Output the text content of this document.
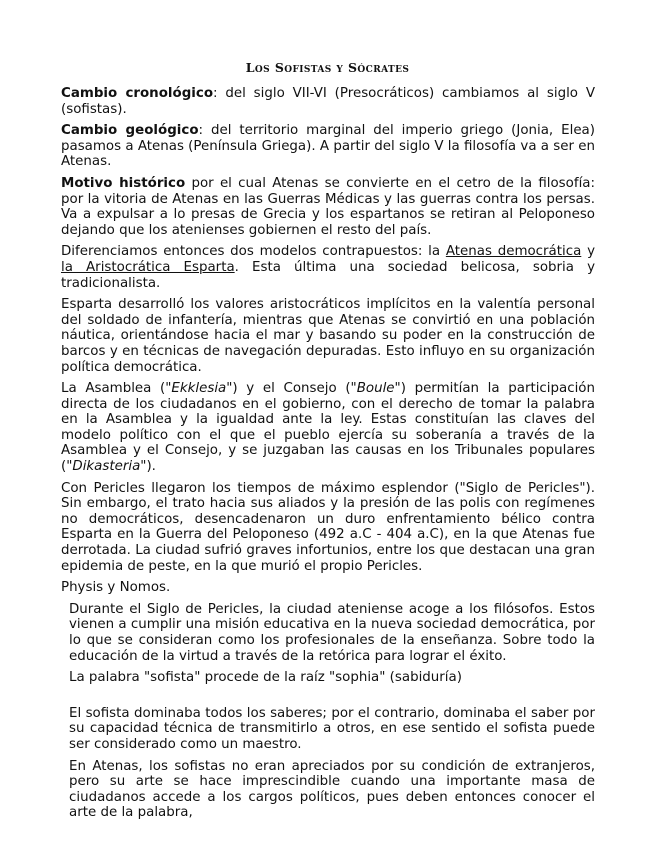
Los Sofistas y Sócrates

Cambio cronológico: del siglo VII-VI (Presocráticos) cambiamos al siglo V (sofistas).

Cambio geológico: del territorio marginal del imperio griego (Jonia, Elea) pasamos a Atenas (Península Griega). A partir del siglo V la filosofía va a ser en Atenas.

Motivo histórico por el cual Atenas se convierte en el cetro de la filosofía: por la vitoria de Atenas en las Guerras Médicas y las guerras contra los persas. Va a expulsar a lo presas de Grecia y los espartanos se retiran al Peloponeso dejando que los atenienses gobiernen el resto del país.

Diferenciamos entonces dos modelos contrapuestos: la Atenas democrática y la Aristocrática Esparta. Esta última una sociedad belicosa, sobria y tradicionalista.

Esparta desarrolló los valores aristocráticos implícitos en la valentía personal del soldado de infantería, mientras que Atenas se convirtió en una población náutica, orientándose hacia el mar y basando su poder en la construcción de barcos y en técnicas de navegación depuradas. Esto influyo en su organización política democrática.

La Asamblea ("Ekklesia") y el Consejo ("Boule") permitían la participación directa de los ciudadanos en el gobierno, con el derecho de tomar la palabra en la Asamblea y la igualdad ante la ley. Estas constituían las claves del modelo político con el que el pueblo ejercía su soberanía a través de la Asamblea y el Consejo, y se juzgaban las causas en los Tribunales populares ("Dikasteria").

Con Pericles llegaron los tiempos de máximo esplendor ("Siglo de Pericles"). Sin embargo, el trato hacia sus aliados y la presión de las polis con regímenes no democráticos, desencadenaron un duro enfrentamiento bélico contra Esparta en la Guerra del Peloponeso (492 a.C - 404 a.C), en la que Atenas fue derrotada. La ciudad sufrió graves infortunios, entre los que destacan una gran epidemia de peste, en la que murió el propio Pericles.

Physis y Nomos.

Durante el Siglo de Pericles, la ciudad ateniense acoge a los filósofos. Estos vienen a cumplir una misión educativa en la nueva sociedad democrática, por lo que se consideran como los profesionales de la enseñanza. Sobre todo la educación de la virtud a través de la retórica para lograr el éxito.

La palabra "sofista" procede de la raíz "sophia" (sabiduría)

El sofista dominaba todos los saberes; por el contrario, dominaba el saber por su capacidad técnica de transmitirlo a otros, en ese sentido el sofista puede ser considerado como un maestro.

En Atenas, los sofistas no eran apreciados por su condición de extranjeros, pero su arte se hace imprescindible cuando una importante masa de ciudadanos accede a los cargos políticos, pues deben entonces conocer el arte de la palabra,
